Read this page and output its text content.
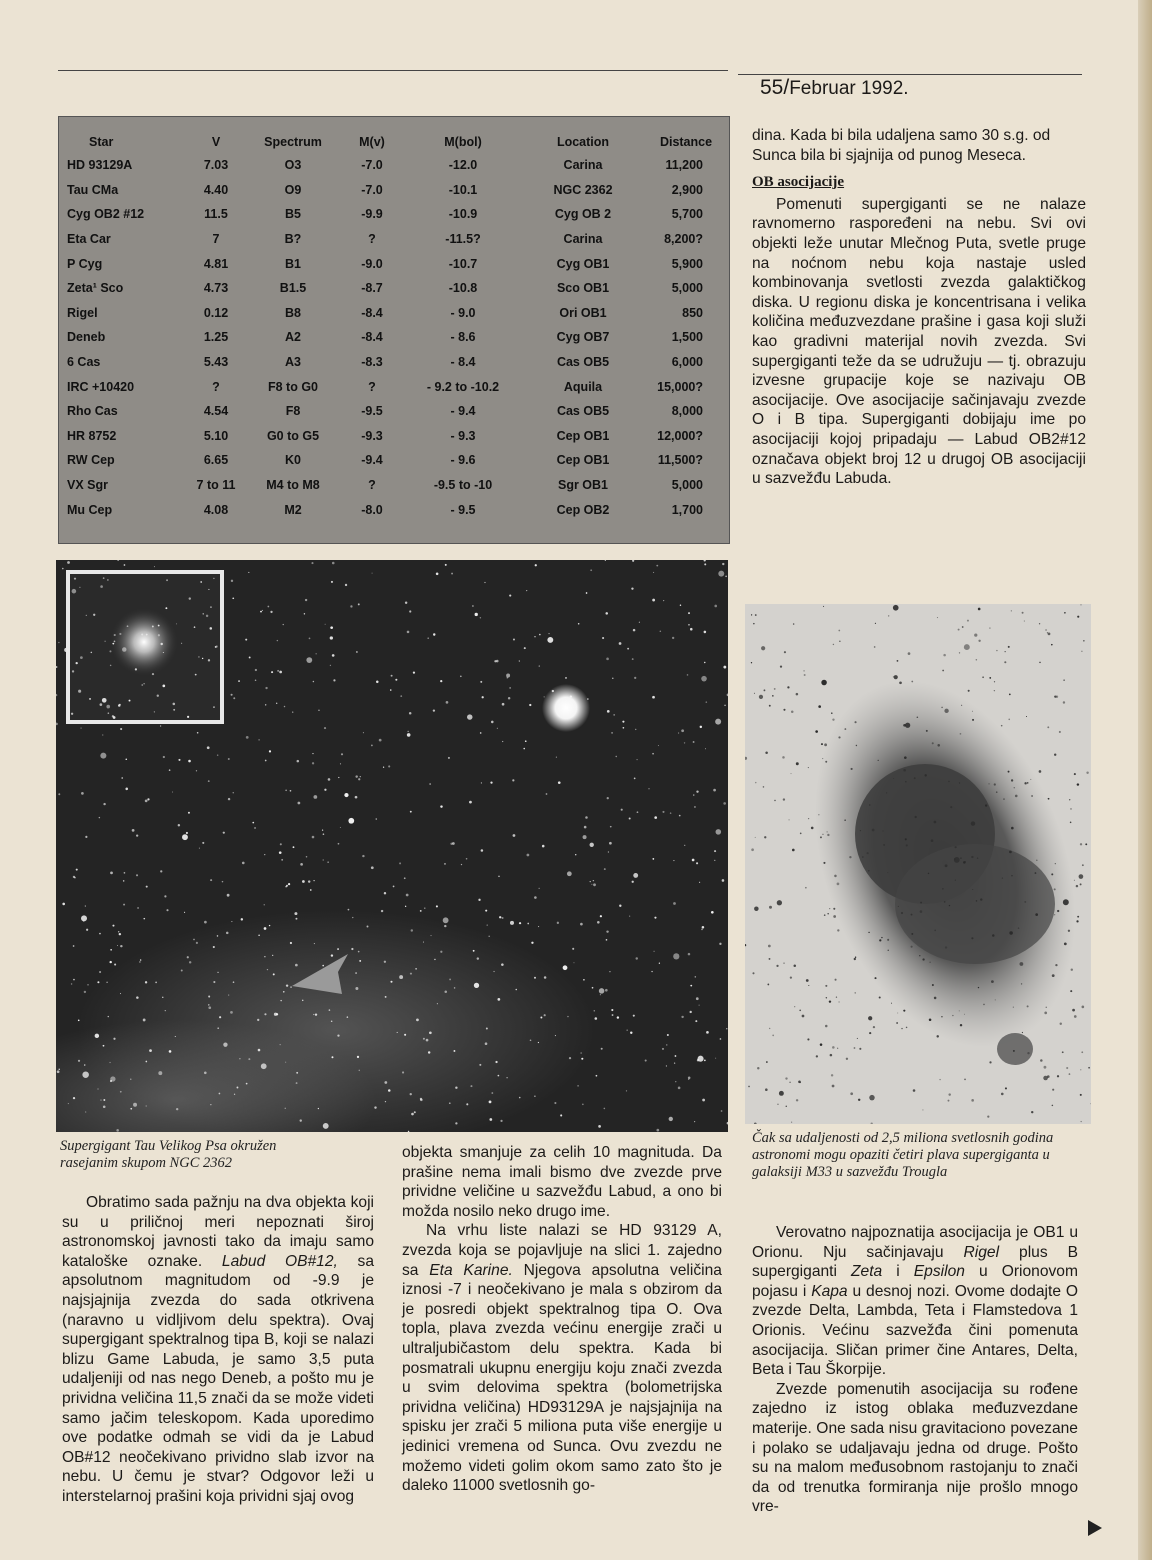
55/Februar 1992.
Star	V	Spectrum	M(v)	M(bol)	Location	Distance
HD 93129A	7.03	O3	-7.0	-12.0	Carina	11,200
Tau CMa	4.40	O9	-7.0	-10.1	NGC 2362	2,900
Cyg OB2 #12	11.5	B5	-9.9	-10.9	Cyg OB 2	5,700
Eta Car	7	B?	?	-11.5?	Carina	8,200?
P Cyg	4.81	B1	-9.0	-10.7	Cyg OB1	5,900
Zeta¹ Sco	4.73	B1.5	-8.7	-10.8	Sco OB1	5,000
Rigel	0.12	B8	-8.4	- 9.0	Ori OB1	850
Deneb	1.25	A2	-8.4	- 8.6	Cyg OB7	1,500
6 Cas	5.43	A3	-8.3	- 8.4	Cas OB5	6,000
IRC +10420	?	F8 to G0	?	- 9.2 to -10.2	Aquila	15,000?
Rho Cas	4.54	F8	-9.5	- 9.4	Cas OB5	8,000
HR 8752	5.10	G0 to G5	-9.3	- 9.3	Cep OB1	12,000?
RW Cep	6.65	K0	-9.4	- 9.6	Cep OB1	11,500?
VX Sgr	7 to 11	M4 to M8	?	-9.5 to -10	Sgr OB1	5,000
Mu Cep	4.08	M2	-8.0	- 9.5	Cep OB2	1,700
Supergigant Tau Velikog Psa okružen rasejanim skupom NGC 2362
Čak sa udaljenosti od 2,5 miliona svetlosnih godina astronomi mogu opaziti četiri plava supergiganta u galaksiji M33 u sazvežđu Trougla

dina. Kada bi bila udaljena samo 30 s.g. od Sunca bila bi sjajnija od punog Meseca.

OB asocijacije

Pomenuti supergiganti se ne nalaze ravnomerno raspoređeni na nebu. Svi ovi objekti leže unutar Mlečnog Puta, svetle pruge na noćnom nebu koja nastaje usled kombinovanja svetlosti zvezda galaktičkog diska. U regionu diska je koncentrisana i velika količina međuzvezdane prašine i gasa koji služi kao gradivni materijal novih zvezda. Svi supergiganti teže da se udružuju — tj. obrazuju izvesne grupacije koje se nazivaju OB asocijacije. Ove asocijacije sačinjavaju zvezde O i B tipa. Supergiganti dobijaju ime po asocijaciji kojoj pripadaju — Labud OB2#12 označava objekt broj 12 u drugoj OB asocijaciji u sazvežđu Labuda.

Obratimo sada pažnju na dva objekta koji su u priličnoj meri nepoznati široj astronomskoj javnosti tako da imaju samo kataloške oznake. Labud OB#12, sa apsolutnom magnitudom od -9.9 je najsjajnija zvezda do sada otkrivena (naravno u vidljivom delu spektra). Ovaj supergigant spektralnog tipa B, koji se nalazi blizu Game Labuda, je samo 3,5 puta udaljeniji od nas nego Deneb, a pošto mu je prividna veličina 11,5 znači da se može videti samo jačim teleskopom. Kada uporedimo ove podatke odmah se vidi da je Labud OB#12 neočekivano prividno slab izvor na nebu. U čemu je stvar? Odgovor leži u interstelarnoj prašini koja prividni sjaj ovog

objekta smanjuje za celih 10 magnituda. Da prašine nema imali bismo dve zvezde prve prividne veličine u sazvežđu Labud, a ono bi možda nosilo neko drugo ime.

Na vrhu liste nalazi se HD 93129 A, zvezda koja se pojavljuje na slici 1. zajedno sa Eta Karine. Njegova apsolutna veličina iznosi -7 i neočekivano je mala s obzirom da je posredi objekt spektralnog tipa O. Ova topla, plava zvezda većinu energije zrači u ultraljubičastom delu spektra. Kada bi posmatrali ukupnu energiju koju znači zvezda u svim delovima spektra (bolometrijska prividna veličina) HD93129A je najsjajnija na spisku jer zrači 5 miliona puta više energije u jedinici vremena od Sunca. Ovu zvezdu ne možemo videti golim okom samo zato što je daleko 11000 svetlosnih go-

Verovatno najpoznatija asocijacija je OB1 u Orionu. Nju sačinjavaju Rigel plus B supergiganti Zeta i Epsilon u Orionovom pojasu i Kapa u desnoj nozi. Ovome dodajte O zvezde Delta, Lambda, Teta i Flamstedova 1 Orionis. Većinu sazvežđa čini pomenuta asocijacija. Sličan primer čine Antares, Delta, Beta i Tau Škorpije.

Zvezde pomenutih asocijacija su rođene zajedno iz istog oblaka međuzvezdane materije. One sada nisu gravitaciono povezane i polako se udaljavaju jedna od druge. Pošto su na malom međusobnom rastojanju to znači da od trenutka formiranja nije prošlo mnogo vre-
